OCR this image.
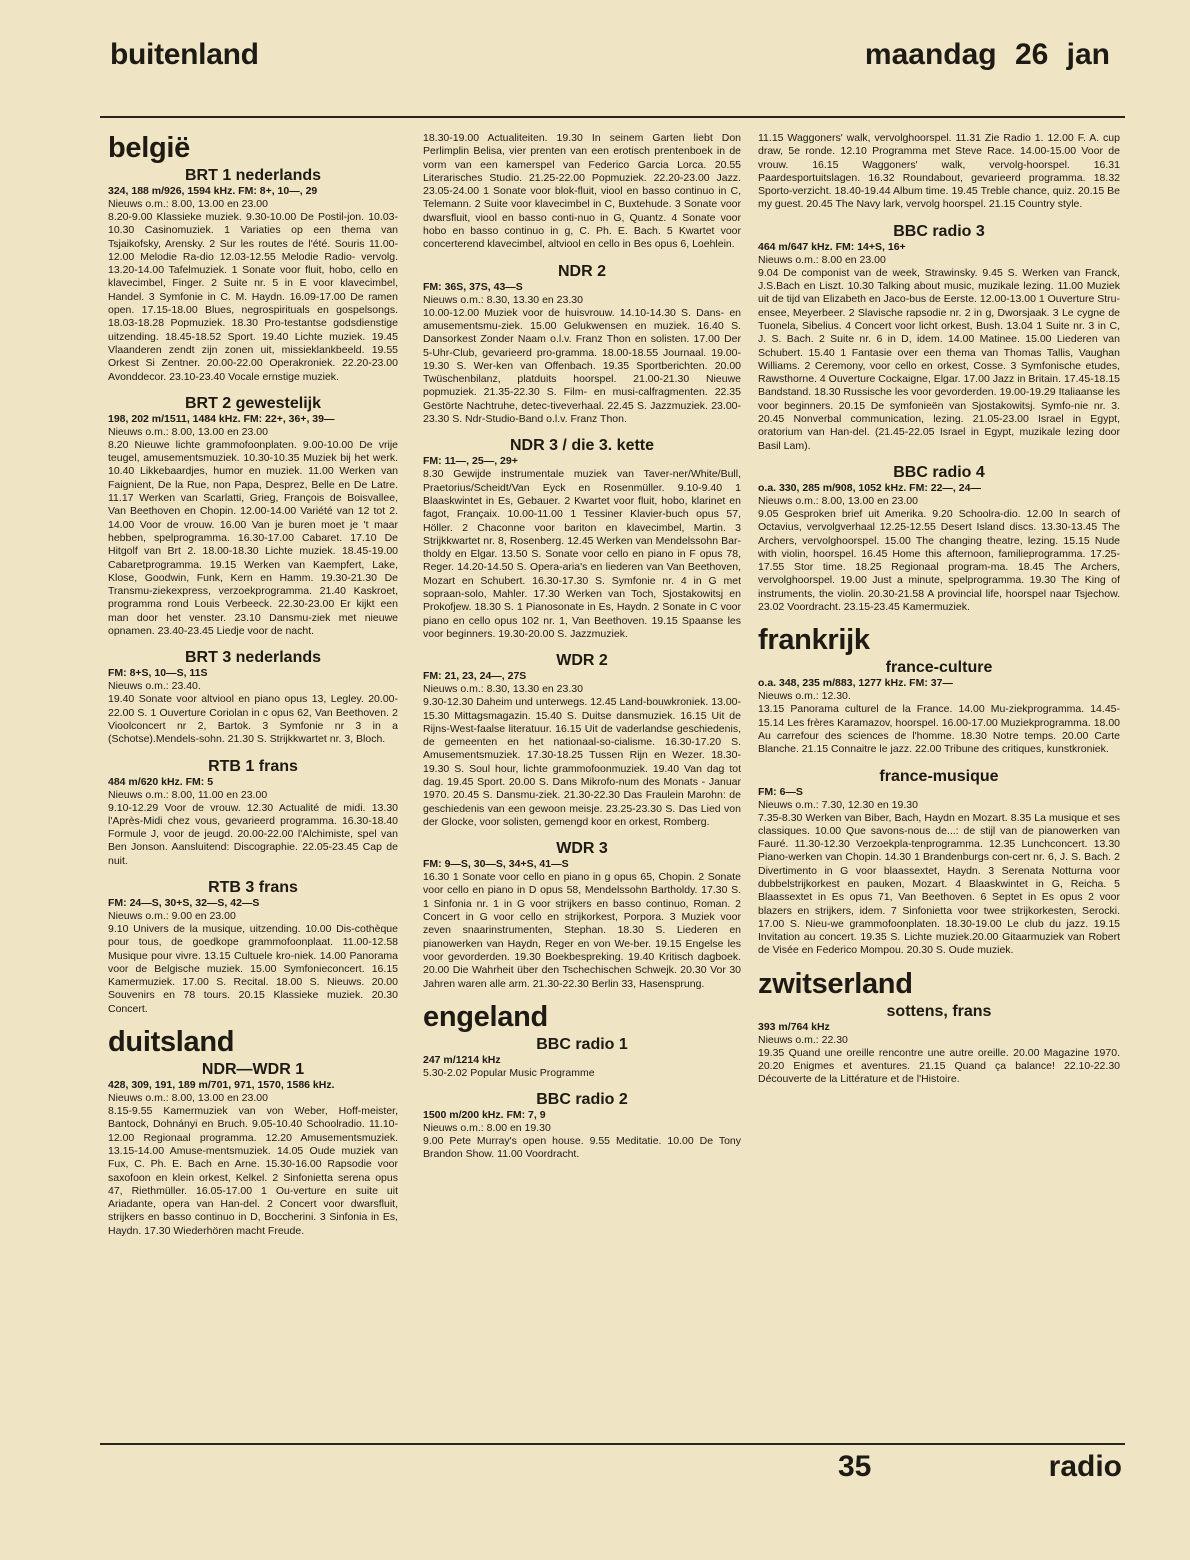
buitenland	maandag 26 jan
belgië
BRT 1 nederlands
324, 188 m/926, 1594 kHz. FM: 8+, 10—, 29
Nieuws o.m.: 8.00, 13.00 en 23.00
8.20-9.00 Klassieke muziek. 9.30-10.00 De Postil-jon. 10.03-10.30 Casinomuziek. 1 Variaties op een thema van Tsjaikofsky, Arensky. 2 Sur les routes de l'été. Souris 11.00-12.00 Melodie Ra-dio 12.03-12.55 Melodie Radio- vervolg. 13.20-14.00 Tafelmuziek. 1 Sonate voor fluit, hobo, cello en klavecimbel, Finger. 2 Suite nr. 5 in E voor klavecimbel, Handel. 3 Symfonie in C. M. Haydn. 16.09-17.00 De ramen open. 17.15-18.00 Blues, negrospirituals en gospelsongs. 18.03-18.28 Popmuziek. 18.30 Pro-testantse godsdienstige uitzending. 18.45-18.52 Sport. 19.40 Lichte muziek. 19.45 Vlaanderen zendt zijn zonen uit, missieklankbeeld. 19.55 Orkest Si Zentner. 20.00-22.00 Operakroniek. 22.20-23.00 Avonddecor. 23.10-23.40 Vocale ernstige muziek.
BRT 2 gewestelijk
198, 202 m/1511, 1484 kHz. FM: 22+, 36+, 39—
Nieuws o.m.: 8.00, 13.00 en 23.00
8.20 Nieuwe lichte grammofoonplaten. 9.00-10.00 De vrije teugel, amusementsmuziek. 10.30-10.35 Muziek bij het werk. 10.40 Likkebaardjes, humor en muziek. 11.00 Werken van Faignient, De la Rue, non Papa, Desprez, Belle en De Latre. 11.17 Werken van Scarlatti, Grieg, François de Boisvallee, Van Beethoven en Chopin. 12.00-14.00 Variété van 12 tot 2. 14.00 Voor de vrouw. 16.00 Van je buren moet je 't maar hebben, spelprogramma. 16.30-17.00 Cabaret. 17.10 De Hitgolf van Brt 2. 18.00-18.30 Lichte muziek. 18.45-19.00 Cabaretprogramma. 19.15 Werken van Kaempfert, Lake, Klose, Goodwin, Funk, Kern en Hamm. 19.30-21.30 De Transmu-ziekexpress, verzoekprogramma. 21.40 Kaskroet, programma rond Louis Verbeeck. 22.30-23.00 Er kijkt een man door het venster. 23.10 Dansmu-ziek met nieuwe opnamen. 23.40-23.45 Liedje voor de nacht.
BRT 3 nederlands
FM: 8+S, 10—S, 11S
Nieuws o.m.: 23.40.
19.40 Sonate voor altviool en piano opus 13, Legley. 20.00-22.00 S. 1 Ouverture Coriolan in c opus 62, Van Beethoven. 2 Vioolconcert nr 2, Bartok. 3 Symfonie nr 3 in a (Schotse).Mendels-sohn. 21.30 S. Strijkkwartet nr. 3, Bloch.
RTB 1 frans
484 m/620 kHz. FM: 5
Nieuws o.m.: 8.00, 11.00 en 23.00
9.10-12.29 Voor de vrouw. 12.30 Actualité de midi. 13.30 l'Après-Midi chez vous, gevarieerd programma. 16.30-18.40 Formule J, voor de jeugd. 20.00-22.00 l'Alchimiste, spel van Ben Jonson. Aansluitend: Discographie. 22.05-23.45 Cap de nuit.
RTB 3 frans
FM: 24—S, 30+S, 32—S, 42—S
Nieuws o.m.: 9.00 en 23.00
9.10 Univers de la musique, uitzending. 10.00 Dis-cothèque pour tous, de goedkope grammofoonplaat. 11.00-12.58 Musique pour vivre. 13.15 Cultuele kro-niek. 14.00 Panorama voor de Belgische muziek. 15.00 Symfonieconcert. 16.15 Kamermuziek. 17.00 S. Recital. 18.00 S. Nieuws. 20.00 Souvenirs en 78 tours. 20.15 Klassieke muziek. 20.30 Concert.
duitsland
NDR—WDR 1
428, 309, 191, 189 m/701, 971, 1570, 1586 kHz.
Nieuws o.m.: 8.00, 13.00 en 23.00
8.15-9.55 Kamermuziek van von Weber, Hoff-meister, Bantock, Dohnányi en Bruch. 9.05-10.40 Schoolradio. 11.10-12.00 Regionaal programma. 12.20 Amusementsmuziek. 13.15-14.00 Amuse-mentsmuziek. 14.05 Oude muziek van Fux, C. Ph. E. Bach en Arne. 15.30-16.00 Rapsodie voor saxofoon en klein orkest, Kelkel. 2 Sinfonietta serena opus 47, Riethmüller. 16.05-17.00 1 Ou-verture en suite uit Ariadante, opera van Han-del. 2 Concert voor dwarsfluit, strijkers en basso continuo in D, Boccherini. 3 Sinfonia in Es, Haydn. 17.30 Wiederhören macht Freude.
18.30-19.00 Actualiteiten. 19.30 In seinem Garten liebt Don Perlimplin Belisa, vier prenten van een erotisch prentenboek in de vorm van een kamerspel van Federico Garcia Lorca. 20.55 Literarisches Studio. 21.25-22.00 Popmuziek. 22.20-23.00 Jazz. 23.05-24.00 1 Sonate voor blok-fluit, viool en basso continuo in C, Telemann. 2 Suite voor klavecimbel in C, Buxtehude. 3 Sonate voor dwarsfluit, viool en basso conti-nuo in G, Quantz. 4 Sonate voor hobo en basso continuo in g, C. Ph. E. Bach. 5 Kwartet voor concerterend klavecimbel, altviool en cello in Bes opus 6, Loehlein.
NDR 2
FM: 36S, 37S, 43—S
Nieuws o.m.: 8.30, 13.30 en 23.30
10.00-12.00 Muziek voor de huisvrouw. 14.10-14.30 S. Dans- en amusementsmu-ziek. 15.00 Gelukwensen en muziek. 16.40 S. Dansorkest Zonder Naam o.l.v. Franz Thon en solisten. 17.00 Der 5-Uhr-Club, gevarieerd pro-gramma. 18.00-18.55 Journaal. 19.00-19.30 S. Wer-ken van Offenbach. 19.35 Sportberichten. 20.00 Twüschenbilanz, platduits hoorspel. 21.00-21.30 Nieuwe popmuziek. 21.35-22.30 S. Film- en musi-calfragmenten. 22.35 Gestörte Nachtruhe, detec-tiveverhaal. 22.45 S. Jazzmuziek. 23.00-23.30 S. Ndr-Studio-Band o.l.v. Franz Thon.
NDR 3 / die 3. kette
FM: 11—, 25—, 29+
8.30 Gewijde instrumentale muziek van Taver-ner/White/Bull, Praetorius/Scheidt/Van Eyck en Rosenmüller. 9.10-9.40 1 Blaaskwintet in Es, Gebauer. 2 Kwartet voor fluit, hobo, klarinet en fagot, Françaix. 10.00-11.00 1 Tessiner Klavier-buch opus 57, Höller. 2 Chaconne voor bariton en klavecimbel, Martin. 3 Strijkkwartet nr. 8, Rosenberg. 12.45 Werken van Mendelssohn Bar-tholdy en Elgar. 13.50 S. Sonate voor cello en piano in F opus 78, Reger. 14.20-14.50 S. Opera-aria's en liederen van Van Beethoven, Mozart en Schubert. 16.30-17.30 S. Symfonie nr. 4 in G met sopraan-solo, Mahler. 17.30 Werken van Toch, Sjostakowitsj en Prokofjew. 18.30 S. 1 Pianosonate in Es, Haydn. 2 Sonate in C voor piano en cello opus 102 nr. 1, Van Beethoven. 19.15 Spaanse les voor beginners. 19.30-20.00 S. Jazzmuziek.
WDR 2
FM: 21, 23, 24—, 27S
Nieuws o.m.: 8.30, 13.30 en 23.30
9.30-12.30 Daheim und unterwegs. 12.45 Land-bouwkroniek. 13.00-15.30 Mittagsmagazin. 15.40 S. Duitse dansmuziek. 16.15 Uit de Rijns-West-faalse literatuur. 16.15 Uit de vaderlandse geschiedenis, de gemeenten en het nationaal-so-cialisme. 16.30-17.20 S. Amusementsmuziek. 17.30-18.25 Tussen Rijn en Wezer. 18.30-19.30 S. Soul hour, lichte grammofoonmuziek. 19.40 Van dag tot dag. 19.45 Sport. 20.00 S. Dans Mikrofo-num des Monats - Januar 1970. 20.45 S. Dansmu-ziek. 21.30-22.30 Das Fraulein Marohn: de geschiedenis van een gewoon meisje. 23.25-23.30 S. Das Lied von der Glocke, voor solisten, gemengd koor en orkest, Romberg.
WDR 3
FM: 9—S, 30—S, 34+S, 41—S
16.30 1 Sonate voor cello en piano in g opus 65, Chopin. 2 Sonate voor cello en piano in D opus 58, Mendelssohn Bartholdy. 17.30 S. 1 Sinfonia nr. 1 in G voor strijkers en basso continuo, Roman. 2 Concert in G voor cello en strijkorkest, Porpora. 3 Muziek voor zeven snaarinstrumenten, Stephan. 18.30 S. Liederen en pianowerken van Haydn, Reger en von We-ber. 19.15 Engelse les voor gevorderden. 19.30 Boekbespreking. 19.40 Kritisch dagboek. 20.00 Die Wahrheit über den Tschechischen Schwejk. 20.30 Vor 30 Jahren waren alle arm. 21.30-22.30 Berlin 33, Hasensprung.
engeland
BBC radio 1
247 m/1214 kHz
5.30-2.02 Popular Music Programme
BBC radio 2
1500 m/200 kHz. FM: 7, 9
Nieuws o.m.: 8.00 en 19.30
9.00 Pete Murray's open house. 9.55 Meditatie. 10.00 De Tony Brandon Show. 11.00 Voordracht.
11.15 Waggoners' walk, vervolghoorspel. 11.31 Zie Radio 1. 12.00 F. A. cup draw, 5e ronde. 12.10 Programma met Steve Race. 14.00-15.00 Voor de vrouw. 16.15 Waggoners' walk, vervolg-hoorspel. 16.31 Paardesportuitslagen. 16.32 Roundabout, gevarieerd programma. 18.32 Sporto-verzicht. 18.40-19.44 Album time. 19.45 Treble chance, quiz. 20.15 Be my guest. 20.45 The Navy lark, vervolg hoorspel. 21.15 Country style.
BBC radio 3
464 m/647 kHz. FM: 14+S, 16+
Nieuws o.m.: 8.00 en 23.00
9.04 De componist van de week, Strawinsky. 9.45 S. Werken van Franck, J.S.Bach en Liszt. 10.30 Talking about music, muzikale lezing. 11.00 Muziek uit de tijd van Elizabeth en Jaco-bus de Eerste. 12.00-13.00 1 Ouverture Stru-ensee, Meyerbeer. 2 Slavische rapsodie nr. 2 in g, Dworsjaak. 3 Le cygne de Tuonela, Sibelius. 4 Concert voor licht orkest, Bush. 13.04 1 Suite nr. 3 in C, J. S. Bach. 2 Suite nr. 6 in D, idem. 14.00 Matinee. 15.00 Liederen van Schubert. 15.40 1 Fantasie over een thema van Thomas Tallis, Vaughan Williams. 2 Ceremony, voor cello en orkest, Cosse. 3 Symfonische etudes, Rawsthorne. 4 Ouverture Cockaigne, Elgar. 17.00 Jazz in Britain. 17.45-18.15 Bandstand. 18.30 Russische les voor gevorderden. 19.00-19.29 Italiaanse les voor beginners. 20.15 De symfonieën van Sjostakowitsj. Symfo-nie nr. 3. 20.45 Nonverbal communication, lezing. 21.05-23.00 Israel in Egypt, oratorium van Han-del. (21.45-22.05 Israel in Egypt, muzikale lezing door Basil Lam).
BBC radio 4
o.a. 330, 285 m/908, 1052 kHz. FM: 22—, 24—
Nieuws o.m.: 8.00, 13.00 en 23.00
9.05 Gesproken brief uit Amerika. 9.20 Schoolra-dio. 12.00 In search of Octavius, vervolgverhaal 12.25-12.55 Desert Island discs. 13.30-13.45 The Archers, vervolghoorspel. 15.00 The changing theatre, lezing. 15.15 Nude with violin, hoorspel. 16.45 Home this afternoon, familieprogramma. 17.25-17.55 Stor time. 18.25 Regionaal program-ma. 18.45 The Archers, vervolghoorspel. 19.00 Just a minute, spelprogramma. 19.30 The King of instruments, the violin. 20.30-21.58 A provincial life, hoorspel naar Tsjechow. 23.02 Voordracht. 23.15-23.45 Kamermuziek.
frankrijk
france-culture
o.a. 348, 235 m/883, 1277 kHz. FM: 37—
Nieuws o.m.: 12.30.
13.15 Panorama culturel de la France. 14.00 Mu-ziekprogramma. 14.45-15.14 Les frères Karamazov, hoorspel. 16.00-17.00 Muziekprogramma. 18.00 Au carrefour des sciences de l'homme. 18.30 Notre temps. 20.00 Carte Blanche. 21.15 Connaitre le jazz. 22.00 Tribune des critiques, kunstkroniek.
france-musique
FM: 6—S
Nieuws o.m.: 7.30, 12.30 en 19.30
7.35-8.30 Werken van Biber, Bach, Haydn en Mozart. 8.35 La musique et ses classiques. 10.00 Que savons-nous de...: de stijl van de pianowerken van Fauré. 11.30-12.30 Verzoekpla-tenprogramma. 12.35 Lunchconcert. 13.30 Piano-werken van Chopin. 14.30 1 Brandenburgs con-cert nr. 6, J. S. Bach. 2 Divertimento in G voor blaassextet, Haydn. 3 Serenata Notturna voor dubbelstrijkorkest en pauken, Mozart. 4 Blaaskwintet in G, Reicha. 5 Blaassextet in Es opus 71, Van Beethoven. 6 Septet in Es opus 2 voor blazers en strijkers, idem. 7 Sinfonietta voor twee strijkorkesten, Serocki. 17.00 S. Nieu-we grammofoonplaten. 18.30-19.00 Le club du jazz. 19.15 Invitation au concert. 19.35 S. Lichte muziek.20.00 Gitaarmuziek van Robert de Visée en Federico Mompou. 20.30 S. Oude muziek.
zwitserland
sottens, frans
393 m/764 kHz
Nieuws o.m.: 22.30
19.35 Quand une oreille rencontre une autre oreille. 20.00 Magazine 1970. 20.20 Enigmes et aventures. 21.15 Quand ça balance! 22.10-22.30 Découverte de la Littérature et de l'Histoire.
35	radio
